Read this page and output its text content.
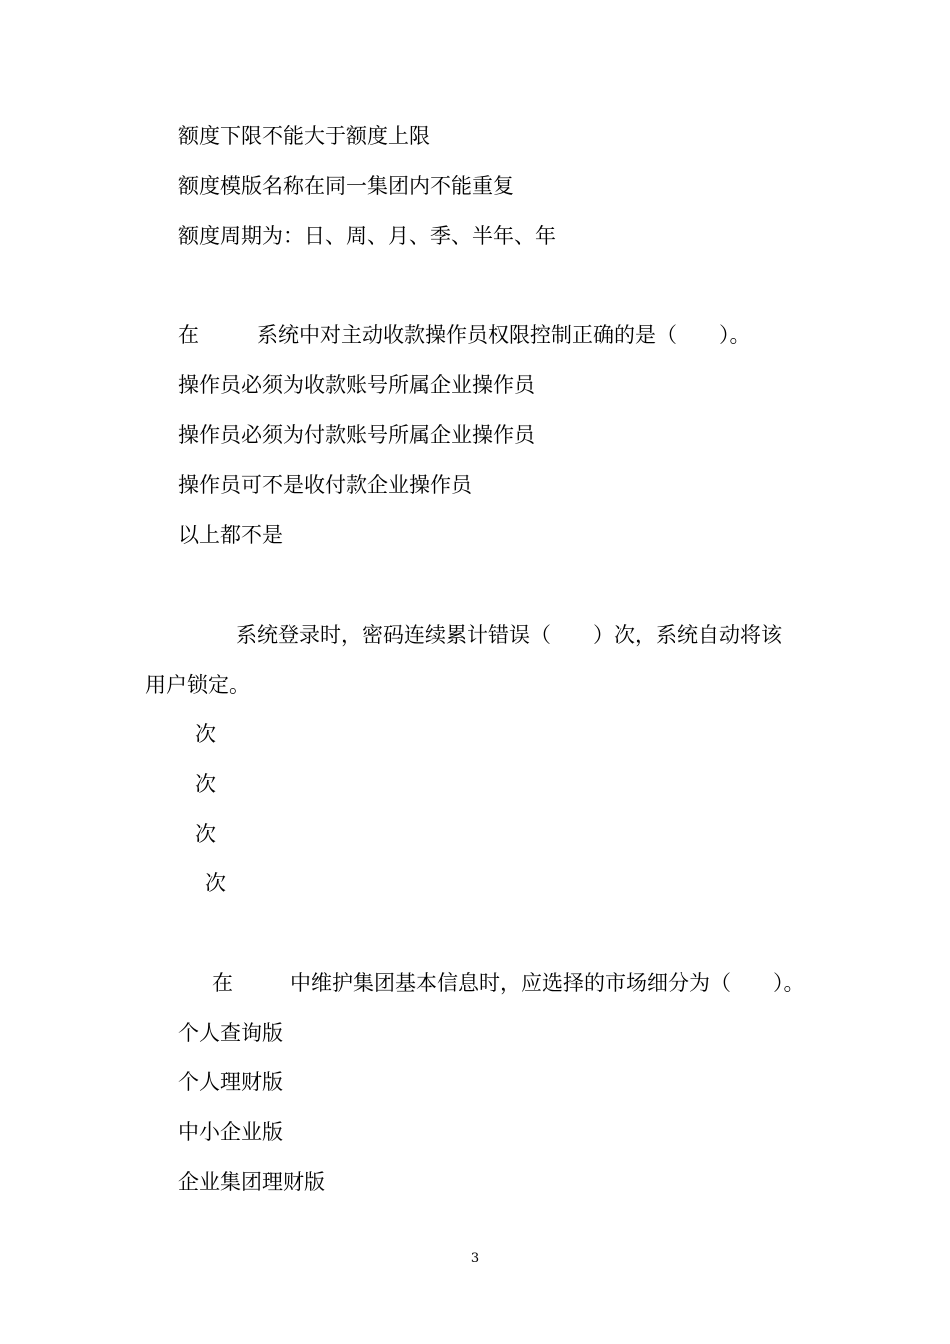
额度下限不能大于额度上限
额度模版名称在同一集团内不能重复
额度周期为：日、周、月、季、半年、年
在	系统中对主动收款操作员权限控制正确的是（　　）。
操作员必须为收款账号所属企业操作员
操作员必须为付款账号所属企业操作员
操作员可不是收付款企业操作员
以上都不是
系统登录时，密码连续累计错误（　　）次，系统自动将该
用户锁定。
次
次
次
次
在	中维护集团基本信息时，应选择的市场细分为（　　）。
个人查询版
个人理财版
中小企业版
企业集团理财版
3
